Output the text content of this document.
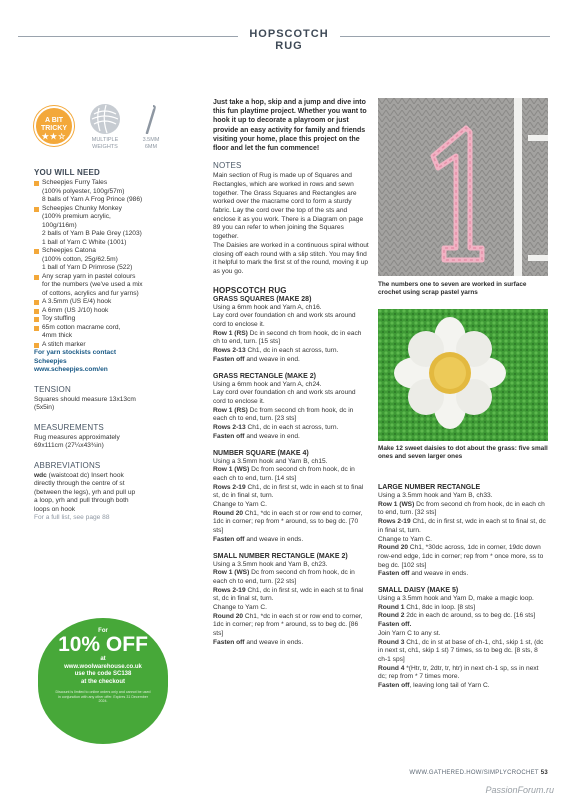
HOPSCOTCH RUG
A BIT
TRICKY
★★☆	MULTIPLE
WEIGHTS
3.5MM
6MM
YOU WILL NEED
Scheepjes Furry Tales
(100% polyester, 100g/57m)
8 balls of Yarn A Frog Prince (986)
Scheepjes Chunky Monkey
(100% premium acrylic,
100g/116m)
2 balls of Yarn B Pale Grey (1203)
1 ball of Yarn C White (1001)
Scheepjes Catona
(100% cotton, 25g/62.5m)
1 ball of Yarn D Primrose (522)
Any scrap yarn in pastel colours
for the numbers (we've used a mix
of cottons, acrylics and fur yarns)
A 3.5mm (US E/4) hook
A 6mm (US J/10) hook
Toy stuffing
65m cotton macrame cord,
4mm thick
A stitch marker
For yarn stockists contact
Scheepjes
www.scheepjes.com/en
TENSION
Squares should measure 13x13cm
(5x5in)
MEASUREMENTS
Rug measures approximately
69x111cm (27¼x43¾in)
ABBREVIATIONS
wdc (waistcoat dc) Insert hook
directly through the centre of st
(between the legs), yrh and pull up
a loop, yrh and pull through both
loops on hook
For a full list, see page 88
For
10% OFF
at
www.woolwarehouse.co.uk
use the code SC138
at the checkout
Discount is limited to online orders only and cannot be used in conjunction with any other offer. Expires 31 December 2024.
Just take a hop, skip and a jump and dive into this fun playtime project. Whether you want to hook it up to decorate a playroom or just provide an easy activity for family and friends visiting your home, place this project on the floor and let the fun commence!
NOTES
Main section of Rug is made up of Squares and Rectangles, which are worked in rows and sewn together. The Grass Squares and Rectangles are worked over the macrame cord to form a sturdy fabric. Lay the cord over the top of the sts and enclose it as you work. There is a Diagram on page 89 you can refer to when joining the Squares together.
The Daisies are worked in a continuous spiral without closing off each round with a slip stitch. You may find it helpful to mark the first st of the round, moving it up as you go.
HOPSCOTCH RUG
GRASS SQUARES (MAKE 28)
Using a 6mm hook and Yarn A, ch16.
Lay cord over foundation ch and work sts around cord to enclose it.
Row 1 (RS) Dc in second ch from hook, dc in each ch to end, turn. [15 sts]
Rows 2-13 Ch1, dc in each st across, turn.
Fasten off and weave in end.
GRASS RECTANGLE (MAKE 2)
Using a 6mm hook and Yarn A, ch24.
Lay cord over foundation ch and work sts around cord to enclose it.
Row 1 (RS) Dc from second ch from hook, dc in each ch to end, turn. [23 sts]
Rows 2-13 Ch1, dc in each st across, turn.
Fasten off and weave in end.
NUMBER SQUARE (MAKE 4)
Using a 3.5mm hook and Yarn B, ch15.
Row 1 (WS) Dc from second ch from hook, dc in each ch to end, turn. [14 sts]
Rows 2-19 Ch1, dc in first st, wdc in each st to final st, dc in final st, turn.
Change to Yarn C.
Round 20 Ch1, *dc in each st or row end to corner, 1dc in corner; rep from * around, ss to beg dc. [70 sts]
Fasten off and weave in ends.
SMALL NUMBER RECTANGLE (MAKE 2)
Using a 3.5mm hook and Yarn B, ch23.
Row 1 (WS) Dc from second ch from hook, dc in each ch to end, turn. [22 sts]
Rows 2-19 Ch1, dc in first st, wdc in each st to final st, dc in final st, turn.
Change to Yarn C.
Round 20 Ch1, *dc in each st or row end to corner, 1dc in corner; rep from * around, ss to beg dc. [86 sts]
Fasten off and weave in ends.
The numbers one to seven are worked in surface crochet using scrap pastel yarns
Make 12 sweet daisies to dot about the grass: five small ones and seven larger ones
LARGE NUMBER RECTANGLE
Using a 3.5mm hook and Yarn B, ch33.
Row 1 (WS) Dc from second ch from hook, dc in each ch to end, turn. [32 sts]
Rows 2-19 Ch1, dc in first st, wdc in each st to final st, dc in final st, turn.
Change to Yarn C.
Round 20 Ch1, *30dc across, 1dc in corner, 19dc down row-end edge, 1dc in corner; rep from * once more, ss to beg dc. [102 sts]
Fasten off and weave in ends.
SMALL DAISY (MAKE 5)
Using a 3.5mm hook and Yarn D, make a magic loop.
Round 1 Ch1, 8dc in loop. [8 sts]
Round 2 2dc in each dc around, ss to beg dc. [16 sts]
Fasten off.
Join Yarn C to any st.
Round 3 Ch1, dc in st at base of ch-1, ch1, skip 1 st, (dc in next st, ch1, skip 1 st) 7 times, ss to beg dc. [8 sts, 8 ch-1 sps]
Round 4 *(Htr, tr, 2dtr, tr, htr) in next ch-1 sp, ss in next dc; rep from * 7 times more.
Fasten off, leaving long tail of Yarn C.
WWW.GATHERED.HOW/SIMPLYCROCHET 53
PassionForum.ru
